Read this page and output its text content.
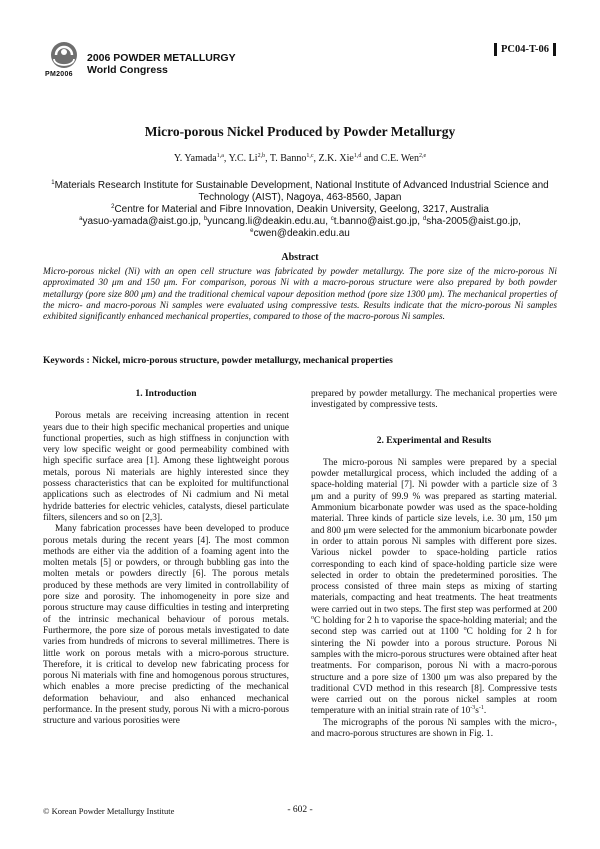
PM2006
2006 POWDER METALLURGY
World Congress
PC04-T-06
Micro-porous Nickel Produced by Powder Metallurgy
Y. Yamada$^{1,a}$, Y.C. Li$^{2,b}$, T. Banno$^{1,c}$, Z.K. Xie$^{1,d}$ and C.E. Wen$^{2,e}$
$^1$Materials Research Institute for Sustainable Development, National Institute of Advanced Industrial Science and Technology (AIST), Nagoya, 463-8560, Japan
$^2$Centre for Material and Fibre Innovation, Deakin University, Geelong, 3217, Australia
$^a$yasuo-yamada@aist.go.jp, $^b$yuncang.li@deakin.edu.au, $^c$t.banno@aist.go.jp, $^d$sha-2005@aist.go.jp,
$^e$cwen@deakin.edu.au
Abstract
Micro-porous nickel (Ni) with an open cell structure was fabricated by powder metallurgy. The pore size of the micro-porous Ni approximated 30 μm and 150 μm. For comparison, porous Ni with a macro-porous structure were also prepared by both powder metallurgy (pore size 800 μm) and the traditional chemical vapour deposition method (pore size 1300 μm). The mechanical properties of the micro- and macro-porous Ni samples were evaluated using compressive tests. Results indicate that the micro-porous Ni samples exhibited significantly enhanced mechanical properties, compared to those of the macro-porous Ni samples.
Keywords : Nickel, micro-porous structure, powder metallurgy, mechanical properties
1. Introduction

Porous metals are receiving increasing attention in recent years due to their high specific mechanical properties and unique functional properties, such as high stiffness in conjunction with very low specific weight or good permeability combined with high specific surface area [1]. Among these lightweight porous metals, porous Ni materials are highly interested since they possess characteristics that can be exploited for multifunctional applications such as electrodes of Ni cadmium and Ni metal hydride batteries for electric vehicles, catalysts, diesel particulate filters, silencers and so on [2,3].

Many fabrication processes have been developed to produce porous metals during the recent years [4]. The most common methods are either via the addition of a foaming agent into the molten metals [5] or powders, or through bubbling gas into the molten metals or powders directly [6]. The porous metals produced by these methods are very limited in controllability of pore size and porosity. The inhomogeneity in pore size and porous structure may cause difficulties in testing and interpreting of the intrinsic mechanical behaviour of porous metals. Furthermore, the pore size of porous metals investigated to date varies from hundreds of microns to several millimetres. There is little work on porous metals with a micro-porous structure. Therefore, it is critical to develop new fabricating process for porous Ni materials with fine and homogenous porous structures, which enables a more precise predicting of the mechanical deformation behaviour, and also enhanced mechanical performance. In the present study, porous Ni with a micro-porous structure and various porosities were

prepared by powder metallurgy. The mechanical properties were investigated by compressive tests.

2. Experimental and Results

The micro-porous Ni samples were prepared by a special powder metallurgical process, which included the adding of a space-holding material [7]. Ni powder with a particle size of 3 μm and a purity of 99.9 % was prepared as starting material. Ammonium bicarbonate powder was used as the space-holding material. Three kinds of particle size levels, i.e. 30 μm, 150 μm and 800 μm were selected for the ammonium bicarbonate powder in order to attain porous Ni samples with different pore sizes. Various nickel powder to space-holding particle ratios corresponding to each kind of space-holding particle size were selected in order to obtain the predetermined porosities. The process consisted of three main steps as mixing of starting materials, compacting and heat treatments. The heat treatments were carried out in two steps. The first step was performed at 200 $^o$C holding for 2 h to vaporise the space-holding material; and the second step was carried out at 1100 $^o$C holding for 2 h for sintering the Ni powder into a porous structure. Porous Ni samples with the micro-porous structures were obtained after heat treatments. For comparison, porous Ni with a macro-porous structure and a pore size of 1300 μm was also prepared by the traditional CVD method in this research [8]. Compressive tests were carried out on the porous nickel samples at room temperature with an initial strain rate of $10^{-3}s^{-1}$.

The micrographs of the porous Ni samples with the micro-, and macro-porous structures are shown in Fig. 1.

© Korean Powder Metallurgy Institute	- 602 -
